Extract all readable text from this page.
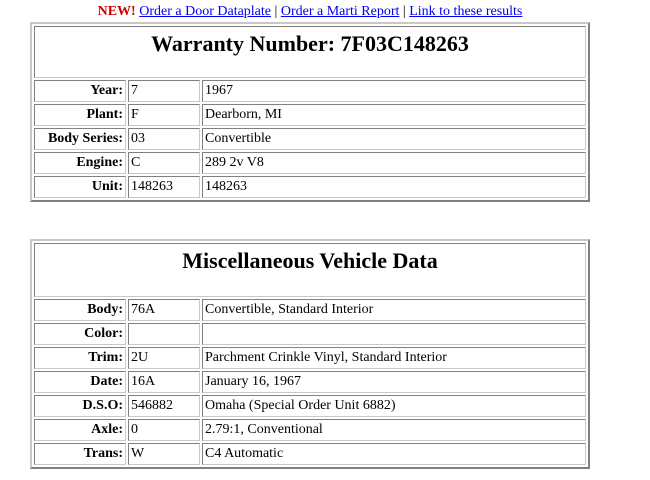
NEW! Order a Door Dataplate | Order a Marti Report | Link to these results
Warranty Number: 7F03C148263		
Year:	7	1967
Plant:	F	Dearborn, MI
Body Series:	03	Convertible
Engine:	C	289 2v V8
Unit:	148263	148263
Miscellaneous Vehicle Data		
Body:	76A	Convertible, Standard Interior
Color:		
Trim:	2U	Parchment Crinkle Vinyl, Standard Interior
Date:	16A	January 16, 1967
D.S.O:	546882	Omaha (Special Order Unit 6882)
Axle:	0	2.79:1, Conventional
Trans:	W	C4 Automatic
